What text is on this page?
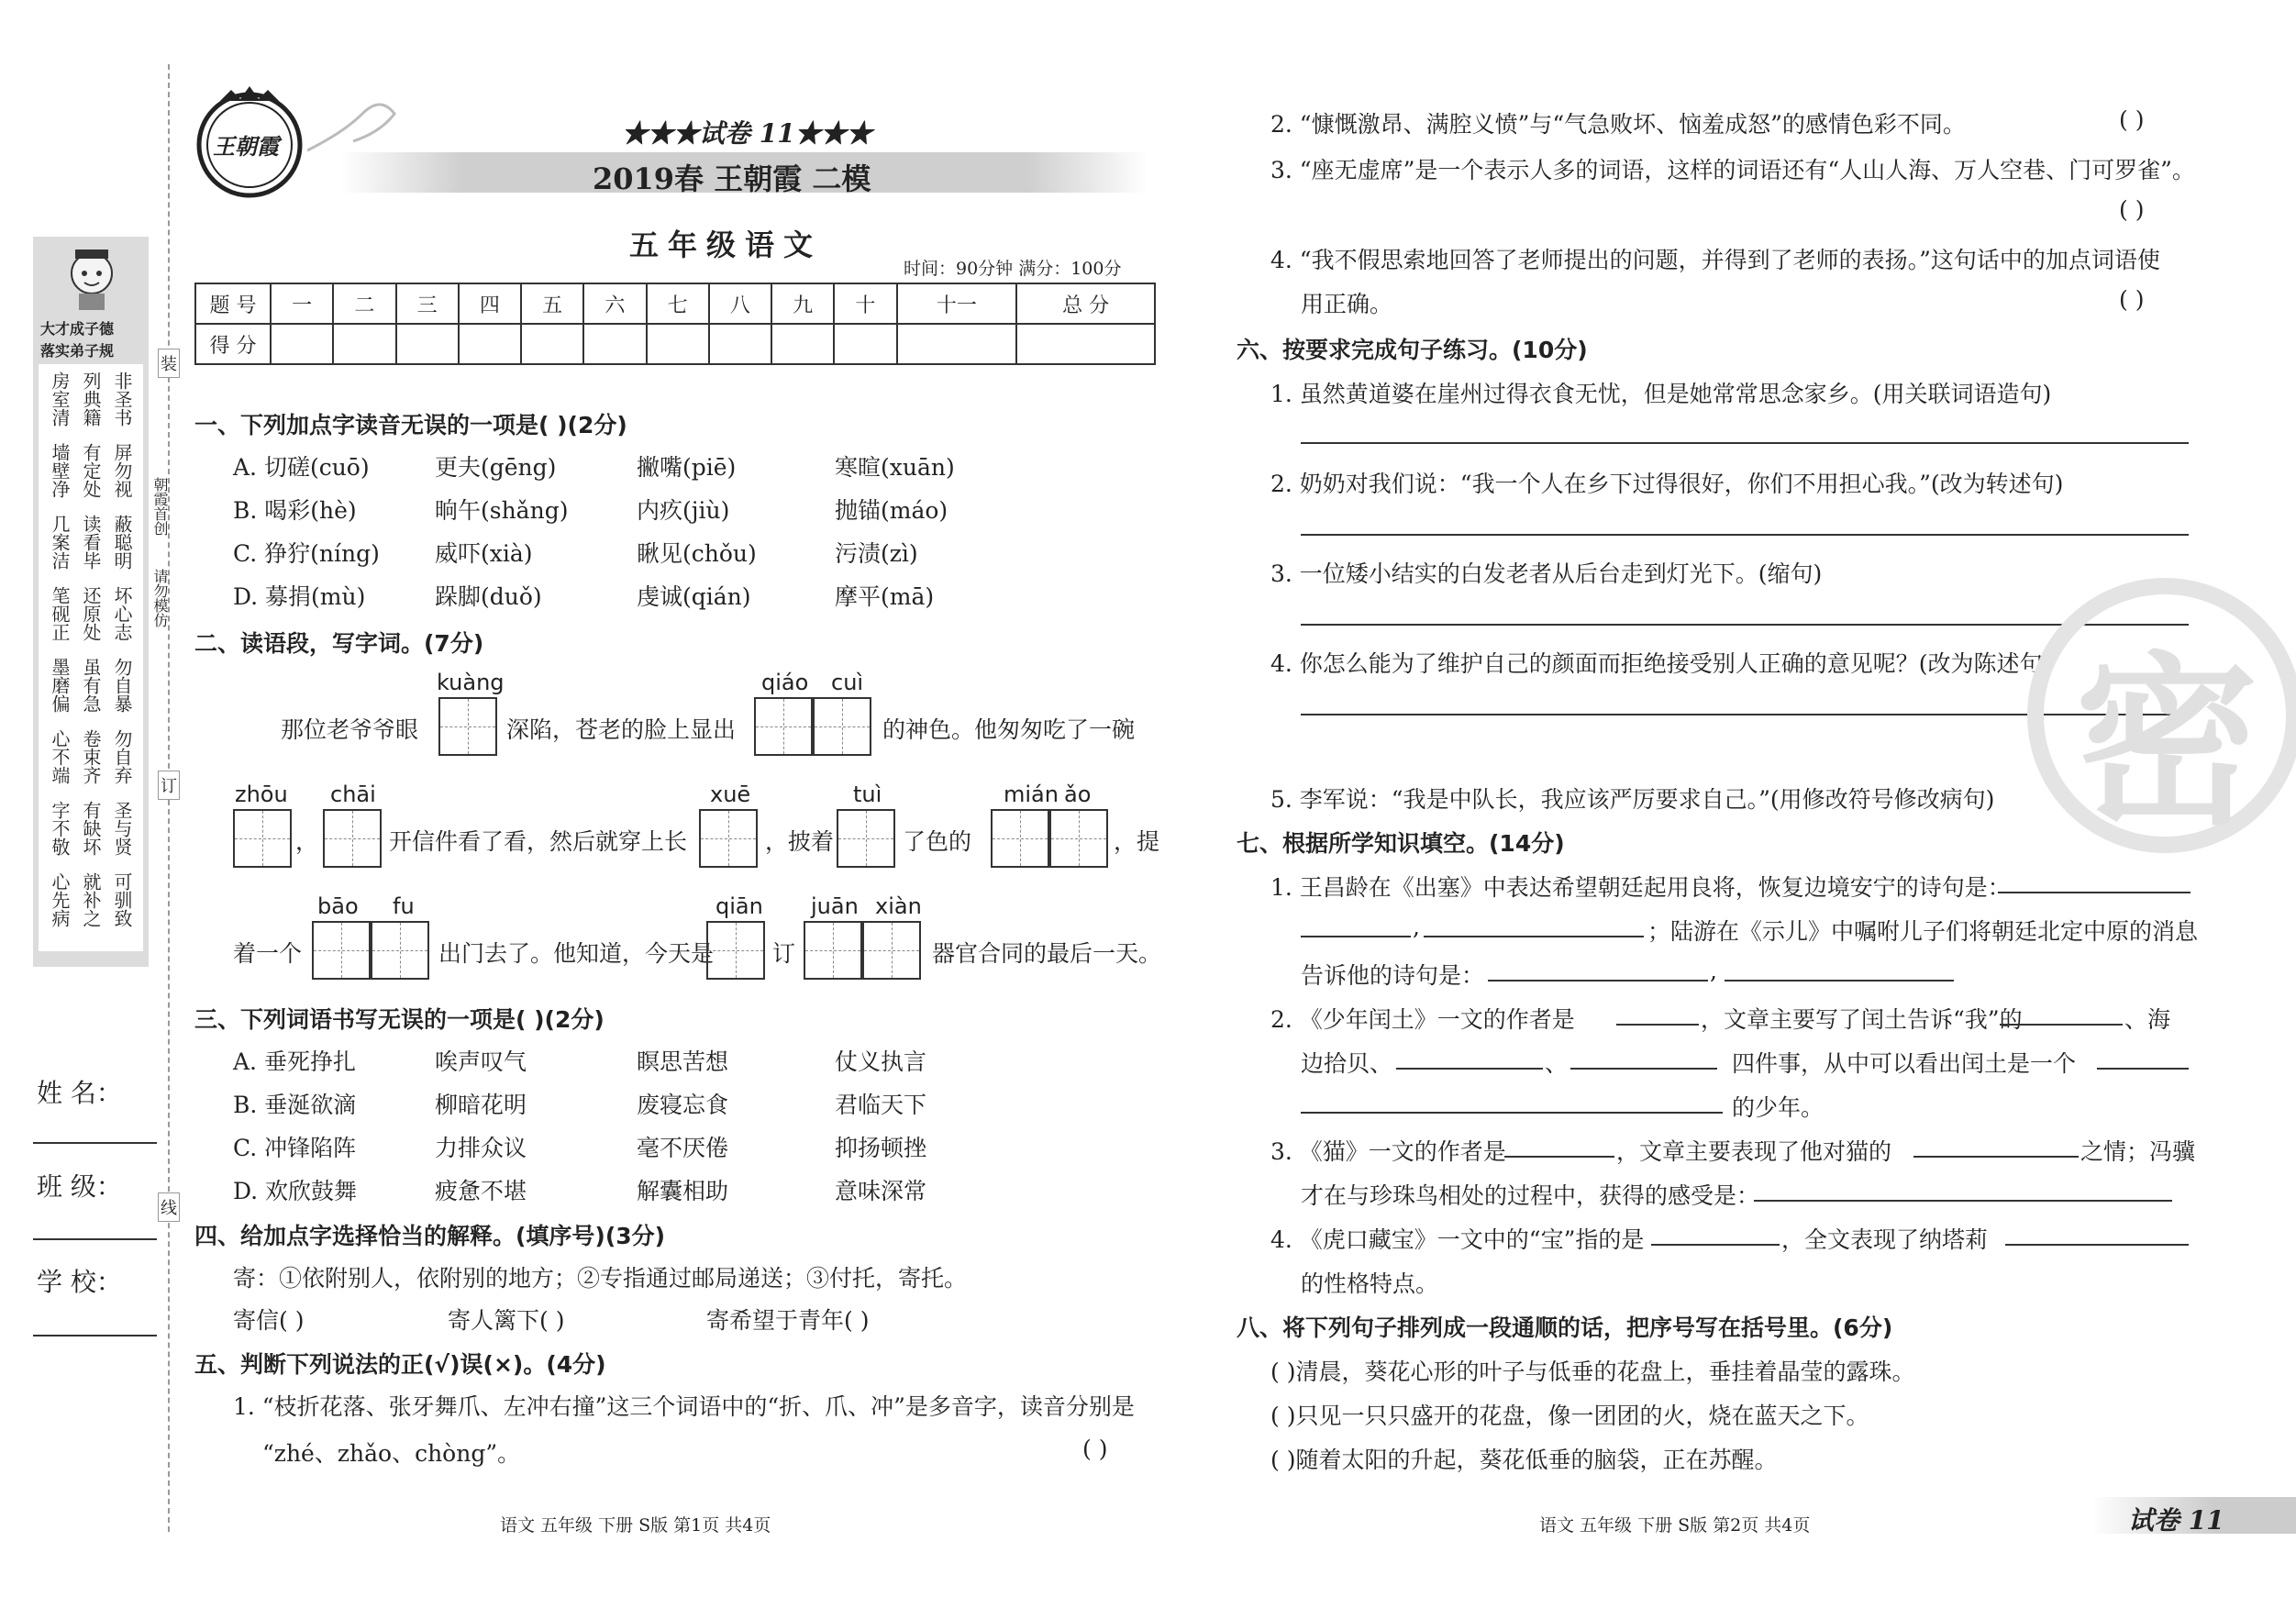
装
订
线
朝霞首创
请勿模仿
大才成子德
落实弟子规
非圣书
列典籍
房室清
屏勿视
有定处
墙壁净
蔽聪明
读看毕
几案洁
坏心志
还原处
笔砚正
勿自暴
虽有急
墨磨偏
勿自弃
卷束齐
心不端
圣与贤
有缺坏
字不敬
可驯致
就补之
心先病
姓 名：
班 级：
学 校：
王朝霞	★★★试卷 11★★★
2019春 王朝霞 二模
五年级语文
时间：90分钟 满分：100分
题 号	一	二	三	四	五	六	七	八	九	十	十一	总 分
得 分												
一、下列加点字读音无误的一项是( )(2分)
A. 切磋(cuō)	更夫(gēng)	撇嘴(piē)	寒暄(xuān)
B. 喝彩(hè)	晌午(shǎng)	内疚(jiù)	抛锚(máo)
C. 狰狞(níng) 威吓(xià)	瞅见(chǒu)	污渍(zì)
D. 募捐(mù)	跺脚(duǒ)	虔诚(qián)	摩平(mā)
二、读语段，写字词。(7分)
那位老爷爷眼
kuàng
深陷，苍老的脸上显出
qiáo cuì
的神色。他匆匆吃了一碗
zhōu chāi
，	开信件看了看，然后就穿上长
xuē
，披着
tuì
了色的
mián ǎo
，提
着一个
bāo fu
出门去了。他知道，今天是
qiān
订
juān xiàn
器官合同的最后一天。
三、下列词语书写无误的一项是( )(2分)
A. 垂死挣扎	唉声叹气	瞑思苦想	仗义执言
B. 垂涎欲滴	柳暗花明	废寝忘食	君临天下
C. 冲锋陷阵	力排众议	毫不厌倦	抑扬顿挫
D. 欢欣鼓舞	疲惫不堪	解囊相助	意味深常
四、给加点字选择恰当的解释。(填序号)(3分)
寄：①依附别人，依附别的地方；②专指通过邮局递送；③付托，寄托。
寄信( )	寄人篱下( )	寄希望于青年( )
五、判断下列说法的正(√)误(×)。(4分)
1. “枝折花落、张牙舞爪、左冲右撞”这三个词语中的“折、爪、冲”是多音字，读音分别是
“zhé、zhǎo、chòng”。	( )
2. “慷慨激昂、满腔义愤”与“气急败坏、恼羞成怒”的感情色彩不同。	( )
3. “座无虚席”是一个表示人多的词语，这样的词语还有“人山人海、万人空巷、门可罗雀”。
( )
4. “我不假思索地回答了老师提出的问题，并得到了老师的表扬。”这句话中的加点词语使
用正确。	( )
六、按要求完成句子练习。(10分)
1. 虽然黄道婆在崖州过得衣食无忧，但是她常常思念家乡。(用关联词语造句)
2. 奶奶对我们说：“我一个人在乡下过得很好，你们不用担心我。”(改为转述句)
3. 一位矮小结实的白发老者从后台走到灯光下。(缩句)
4. 你怎么能为了维护自己的颜面而拒绝接受别人正确的意见呢？(改为陈述句)
5. 李军说：“我是中队长，我应该严厉要求自己。”(用修改符号修改病句)
七、根据所学知识填空。(14分)
1. 王昌龄在《出塞》中表达希望朝廷起用良将，恢复边境安宁的诗句是：
,	；陆游在《示儿》中嘱咐儿子们将朝廷北定中原的消息
告诉他的诗句是：	,
2. 《少年闰土》一文的作者是	，文章主要写了闰土告诉“我”的	、海
边拾贝、	、	四件事，从中可以看出闰土是一个
的少年。
3. 《猫》一文的作者是	，文章主要表现了他对猫的	之情；冯骥
才在与珍珠鸟相处的过程中，获得的感受是：
4. 《虎口藏宝》一文中的“宝”指的是	，全文表现了纳塔莉
的性格特点。
八、将下列句子排列成一段通顺的话，把序号写在括号里。(6分)
( )清晨，葵花心形的叶子与低垂的花盘上，垂挂着晶莹的露珠。
( )只见一只只盛开的花盘，像一团团的火，烧在蓝天之下。
( )随着太阳的升起，葵花低垂的脑袋，正在苏醒。
密
语文 五年级 下册 S版 第1页 共4页	语文 五年级 下册 S版 第2页 共4页	试卷 11
